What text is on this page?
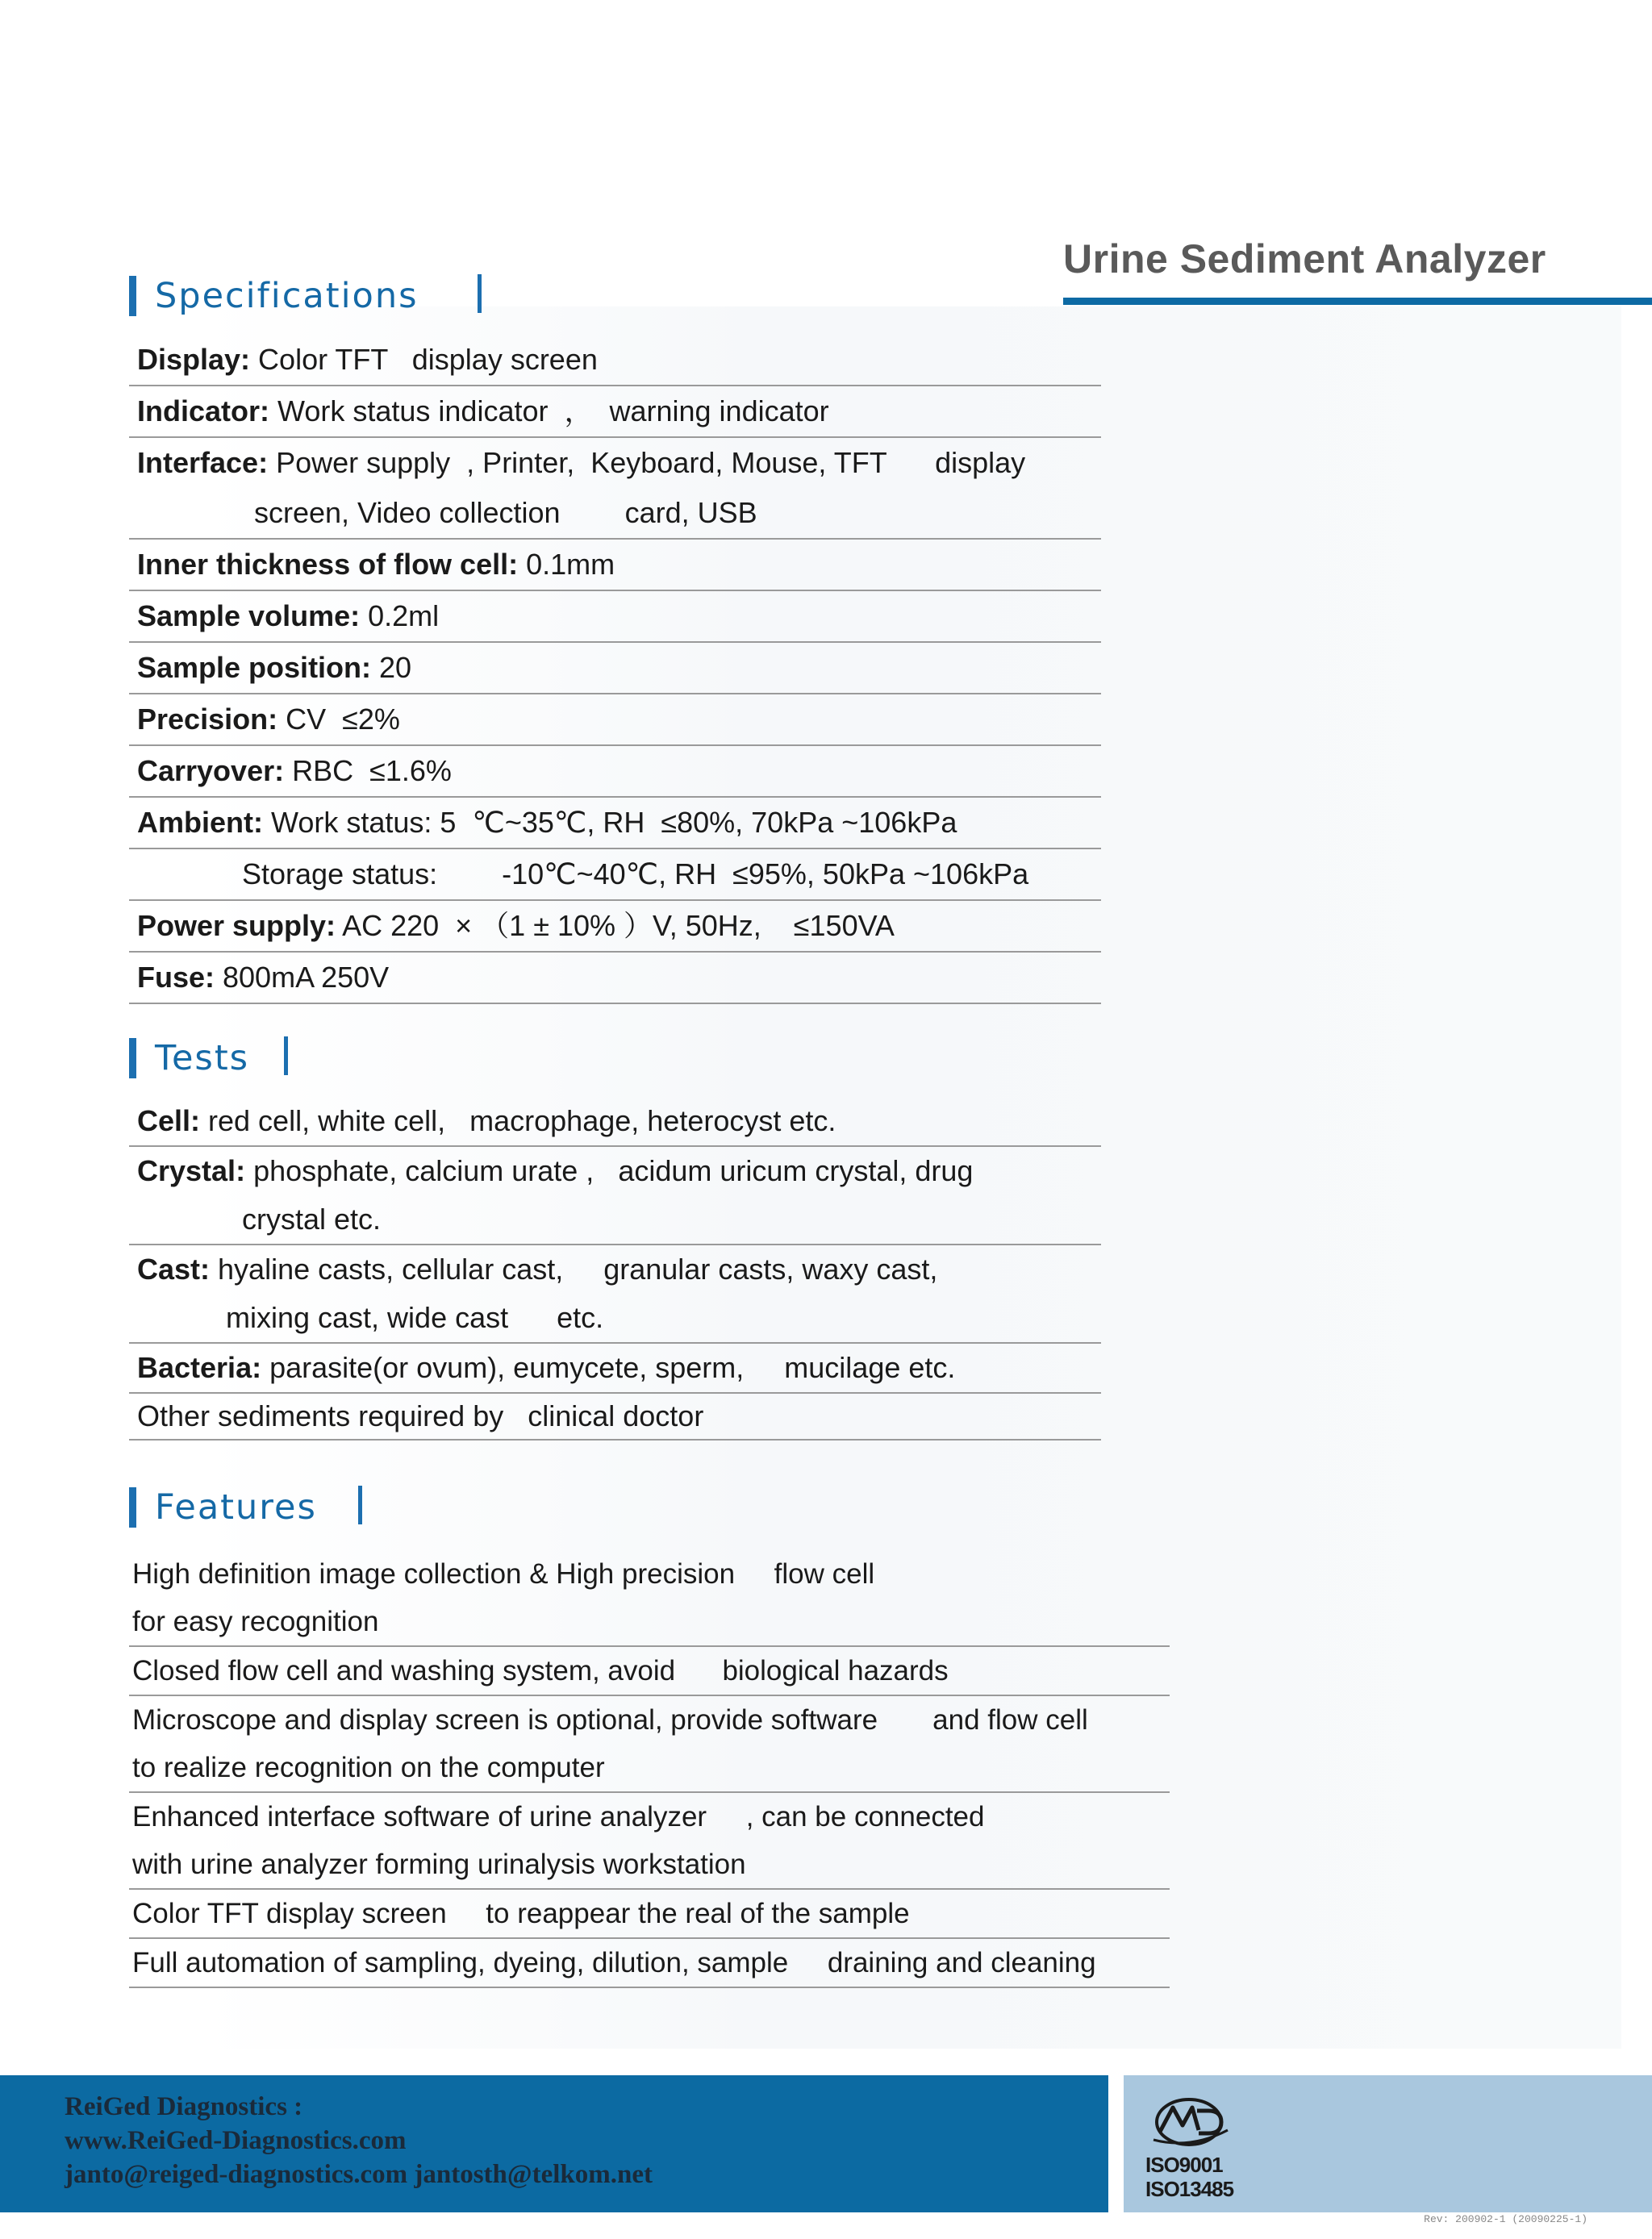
Urine Sediment Analyzer
Specifications
Display: Color TFT   display screen
Indicator: Work status indicator  ，  warning indicator
Interface: Power supply  , Printer,  Keyboard, Mouse, TFT      display
screen, Video collection        card, USB
Inner thickness of flow cell: 0.1mm
Sample volume: 0.2ml
Sample position: 20
Precision: CV  ≤2%
Carryover: RBC  ≤1.6%
Ambient: Work status: 5  ℃~35℃, RH  ≤80%, 70kPa ~106kPa
Storage status:        -10℃~40℃, RH  ≤95%, 50kPa ~106kPa
Power supply: AC 220  × （1 ± 10% ）V, 50Hz,    ≤150VA
Fuse: 800mA 250V
Tests
Cell: red cell, white cell,   macrophage, heterocyst etc.
Crystal: phosphate, calcium urate ,   acidum uricum crystal, drug
crystal etc.
Cast: hyaline casts, cellular cast,     granular casts, waxy cast,
mixing cast, wide cast      etc.
Bacteria: parasite(or ovum), eumycete, sperm,     mucilage etc.
Other sediments required by   clinical doctor
Features
High definition image collection & High precision     flow cell
for easy recognition
Closed flow cell and washing system, avoid      biological hazards
Microscope and display screen is optional, provide software       and flow cell
to realize recognition on the computer
Enhanced interface software of urine analyzer     , can be connected
with urine analyzer forming urinalysis workstation
Color TFT display screen     to reappear the real of the sample
Full automation of sampling, dyeing, dilution, sample     draining and cleaning
ReiGed Diagnostics :
www.ReiGed-Diagnostics.com
janto@reiged-diagnostics.com jantosth@telkom.net	ISO9001
ISO13485
Rev: 200902-1 (20090225-1)
